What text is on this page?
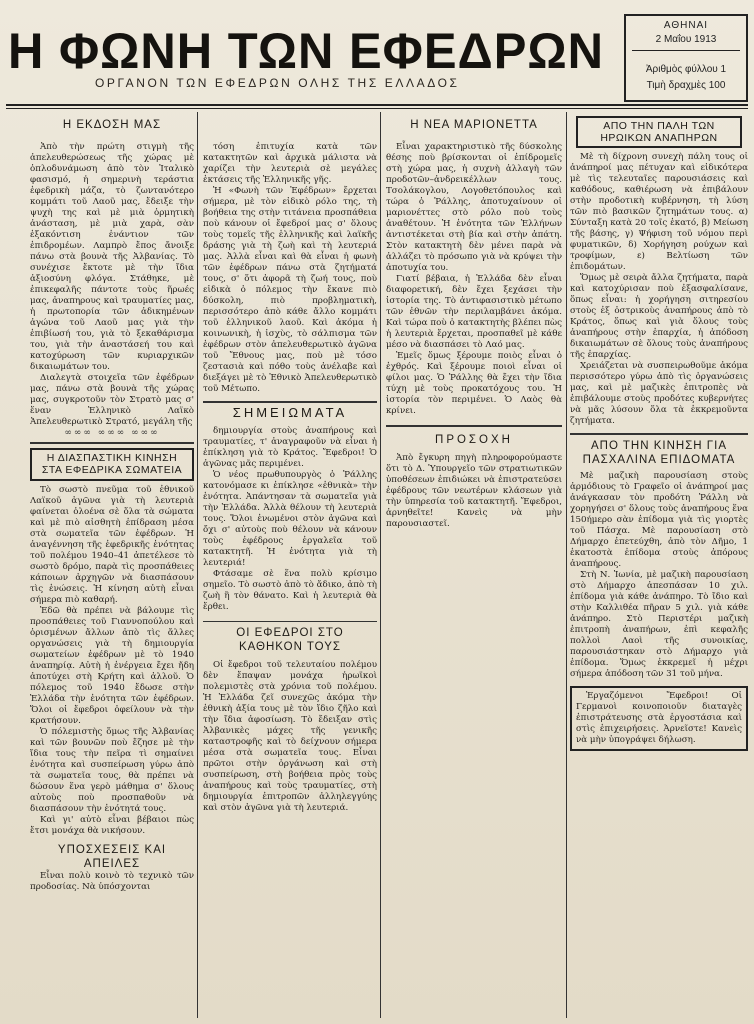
Η ΦΩΝΗ ΤΩΝ ΕΦΕΔΡΩΝ
ΟΡΓΑΝΟΝ ΤΩΝ ΕΦΕΔΡΩΝ ΟΛΗΣ ΤΗΣ ΕΛΛΑΔΟΣ
ΑΘΗΝΑΙ
2 Μαΐου 1913
Ἀριθμὸς φύλλου 1
Τιμὴ δραχμὲς 100
Η ΕΚΔΟΣΗ ΜΑΣ

Ἀπὸ τὴν πρώτη στιγμὴ τῆς ἀπελευθερώσεως τῆς χώρας μὲ ὁπλοδυνάμωση ἀπὸ τὸν Ἰταλικὸ φασισμό, ἡ σημερινὴ τεράστια ἐφεδρικὴ μάζα, τὸ ζωντανότερο κομμάτι τοῦ Λαοῦ μας, ἔδειξε τὴν ψυχὴ της καὶ μὲ μιὰ ὁρμητικὴ ἀνάσταση, μὲ μιὰ χαρὰ, σὰν ἐξακόντιση ἐνάντιον τῶν ἐπιδρομέων. Λαμπρὸ ἔπος ἄνοιξε πάνω στὰ βουνὰ τῆς Ἀλβανίας. Τὸ συνέχισε ἔκτοτε μὲ τὴν ἴδια ἀξιοσύνη φλόγα. Στάθηκε, μὲ ἐπικεφαλῆς πάντοτε τοὺς ἥρωές μας, ἀναπηρους καὶ τραυματίες μας, ἡ πρωτοπορία τῶν ἀδικημένων ἀγώνα τοῦ Λαοῦ μας γιὰ τὴν ἐπιβίωσή του, γιὰ τὸ ξεκαθάρισμα του, γιὰ τὴν ἀναστάσεή του καὶ κατοχύρωση τῶν κυριαρχικῶν δικαιωμάτων του.

Διαλεγτὰ στοιχεῖα τῶν ἐφέδρων μας, πάνω στὰ βουνὰ τῆς χώρας μας, συγκροτοῦν τὸν Στρατὸ μας σ' ἕναν Ἑλληνικὸ Λαϊκὸ Ἀπελευθερωτικὸ Στρατό, μεγάλη τῆς

∞∞∞ ∞∞∞ ∞∞∞
Η ΔΙΑΣΠΑΣΤΙΚΗ ΚΙΝΗΣΗ ΣΤΑ ΕΦΕΔΡΙΚΑ ΣΩΜΑΤΕΙΑ

Τὸ σωστὸ πνεῦμα τοῦ ἐθνικοῦ Λαϊκοῦ ἀγῶνα γιὰ τὴ λευτεριὰ φαίνεται ὁλοένα σὲ ὅλα τὰ σώματα καὶ μὲ πιὸ αἰσθητὴ ἐπίδραση μέσα στὰ σωματεῖα τῶν ἐφέδρων. Ἡ ἀναγέννηση τῆς ἐφεδρικῆς ἑνότητας τοῦ πολέμου 1940–41 ἀπετέλεσε τὸ σωστὸ δρόμο, παρὰ τὶς προσπάθειες κάποιων ἀρχηγῶν νὰ διασπάσουν τὶς ἑνώσεις. Ἡ κίνηση αὐτὴ εἶναι σήμερα πιὸ καθαρή.

Ἐδῶ θὰ πρέπει νὰ βάλουμε τὶς προσπάθειες τοῦ Γιαννοπούλου καὶ ὁρισμένων ἄλλων ἀπὸ τὶς ἄλλες οργανώσεις γιὰ τὴ δημιουργία σωματείων ἐφέδρων μὲ τὸ 1940 ἀναπηρίᾳ. Αὐτὴ ἡ ἐνέργεια ἔχει ἤδη ἀποτύχει στὴ Κρήτη καὶ ἀλλοῦ. Ὁ πόλεμος τοῦ 1940 ἔδωσε στὴν Ἑλλάδα τὴν ἑνότητα τῶν ἐφέδρων. Ὅλοι οἱ ἔφεδροι ὀφείλουν νὰ τὴν κρατήσουν.

Ὁ πόλεμιστὴς ὅμως τῆς Ἀλβανίας καὶ τῶν βουνῶν ποὺ ἔζησε μὲ τὴν ἴδια τους τὴν πεῖρα τὶ σημαίνει ἑνότητα καὶ συσπείρωση γύρω ἀπὸ τὰ σωματεῖα τους, θὰ πρέπει νὰ δώσουν ἕνα γερὸ μάθημα σ' ὅλους αὐτοὺς ποὺ προσπαθοῦν νὰ διασπάσουν τὴν ἑνότητά τους.

Καὶ γι' αὐτὸ εἶναι βέβαιοι πὼς ἔτσι μονάχα θὰ νικήσουν.

ΥΠΟΣΧΕΣΕΙΣ ΚΑΙ ΑΠΕΙΛΕΣ

Εἶναι πολὺ κοινὸ τὸ τεχνικὸ τῶν προδοσίας. Νὰ ὑπόσχονται

τόση ἐπιτυχία κατὰ τῶν κατακτητῶν καὶ ἀρχικὰ μάλιστα νὰ χαρίζει τὴν λευτεριὰ σὲ μεγάλες ἐκτάσεις τῆς Ἑλληνικῆς γῆς.

Ἡ «Φωνὴ τῶν Ἐφέδρων» ἔρχεται σήμερα, μὲ τὸν εἰδικὸ ρόλο της, τὴ βοήθεια της στὴν τιτάνεια προσπάθεια ποὺ κάνουν οἱ ἔφεδροί μας σ' ὅλους τοὺς τομεῖς τῆς ἑλληνικῆς καὶ λαϊκῆς δράσης γιὰ τὴ ζωὴ καὶ τὴ λευτεριά μας. Ἀλλὰ εἶναι καὶ θὰ εἶναι ἡ φωνὴ τῶν ἐφέδρων πάνω στὰ ζητήματά τους, σ' ὅτι ἀφορᾶ τὴ ζωή τους, ποὺ εἰδικὰ ὁ πόλεμος τὴν ἔκανε πιὸ δύσκολη, πιὸ προβληματικὴ, περισσότερο ἀπὸ κάθε ἄλλο κομμάτι τοῦ ἑλληνικοῦ λαοῦ. Καὶ ἀκόμα ἡ κοινωνικὴ, ἡ ἰσχὺς, τὸ σάλπισμα τῶν ἐφέδρων στὸν ἀπελευθερωτικὸ ἀγῶνα τοῦ Ἔθνους μας, ποὺ μὲ τόσο ζεστασιὰ καὶ πόθο τοὺς ἀνέλαβε καὶ διεξάγει μὲ τὸ Ἐθνικὸ Ἀπελευθερωτικὸ τοῦ Μέτωπο.

ΣΗΜΕΙΩΜΑΤΑ

δημιουργία στοὺς ἀναπήρους καὶ τραυματίες, τ' ἀναγραφοῦν νὰ εἶναι ἡ ἐπίκληση γιὰ τὸ Κράτος. Ἔφεδροι! Ὁ ἀγῶνας μᾶς περιμένει.

Ὁ νέος πρωθυπουργὸς ὁ Ῥάλλης κατονόμασε κι ἐπίκλησε «ἐθνικὰ» τὴν ἑνότητα. Ἀπάντησαν τὰ σωματεῖα γιὰ τὴν Ἑλλάδα. Ἀλλὰ θέλουν τὴ λευτεριὰ τους. Ὅλοι ἑνωμένοι στὸν ἀγῶνα καὶ ὄχι σ' αὐτοὺς ποὺ θέλουν νὰ κάνουν τοὺς ἐφέδρους ἐργαλεῖα τοῦ κατακτητῆ. Ἡ ἑνότητα γιὰ τὴ λευτεριά!

Φτάσαμε σὲ ἕνα πολὺ κρίσιμο σημεῖο. Τὸ σωστὸ ἀπὸ τὸ ἄδικο, ἀπὸ τὴ ζωὴ ἢ τὸν θάνατο. Καὶ ἡ λευτεριὰ θὰ ἔρθει.

ΟΙ ΕΦΕΔΡΟΙ ΣΤΟ ΚΑΘΗΚΟΝ ΤΟΥΣ

Οἱ ἔφεδροι τοῦ τελευταίου πολέμου δὲν ἔπαψαν μονάχα ἡρωϊκοὶ πολεμιστὲς στὰ χρόνια τοῦ πολέμου. Ἡ Ἑλλάδα ζεῖ συνεχῶς ἀκόμα τὴν ἐθνικὴ ἀξία τους μὲ τὸν ἴδιο ζῆλο καὶ τὴν ἴδια ἀφοσίωση. Τὸ ἔδειξαν στὶς Ἀλβανικὲς μάχες τῆς γενικῆς καταστροφῆς καὶ τὸ δείχνουν σήμερα μέσα στὰ σωματεῖα τους. Εἶναι πρῶτοι στὴν ὀργάνωση καὶ στὴ συσπείρωση, στὴ βοήθεια πρὸς τοὺς ἀναπήρους καὶ τοὺς τραυματίες, στὴ δημιουργία ἐπιτροπῶν ἀλληλεγγύης καὶ στὸν ἀγῶνα γιὰ τὴ λευτεριά.

Η ΝΕΑ ΜΑΡΙΟΝΕΤΤΑ

Εἶναι χαρακτηριστικὸ τῆς δύσκολης θέσης ποὺ βρίσκονται οἱ ἐπίδρομεῖς στὴ χώρα μας, ἡ συχνὴ ἀλλαγὴ τῶν προδοτῶν–ἀνδρεικέλλων τους. Τσολάκογλου, Λογοθετόπουλος καὶ τώρα ὁ Ῥάλλης, ἀποτυχαίνουν οἱ μαριονέττες στὸ ρόλο ποὺ τοὺς ἀναθέτουν. Ἡ ἑνότητα τῶν Ἑλλήνων ἀντιστέκεται στὴ βία καὶ στὴν ἀπάτη. Στὸν κατακτητὴ δὲν μένει παρὰ νὰ ἀλλάζει τὸ πρόσωπο γιὰ νὰ κρύψει τὴν ἀποτυχία του.

Γιατί βέβαια, ἡ Ἑλλάδα δὲν εἶναι διαφορετική, δὲν ἔχει ξεχάσει τὴν ἱστορία της. Τὸ ἀντιφασιστικὸ μέτωπο τῶν ἐθνῶν τὴν περιλαμβάνει ἀκόμα. Καὶ τώρα ποὺ ὁ κατακτητὴς βλέπει πὼς ἡ λευτεριὰ ἔρχεται, προσπαθεῖ μὲ κάθε μέσο νὰ διασπάσει τὸ Λαό μας.

Ἐμεῖς ὅμως ξέρουμε ποιὸς εἶναι ὁ ἐχθρός. Καὶ ξέρουμε ποιοὶ εἶναι οἱ φίλοι μας. Ὁ Ῥάλλης θὰ ἔχει τὴν ἴδια τύχη μὲ τοὺς προκατόχους του. Ἡ ἱστορία τὸν περιμένει. Ὁ Λαὸς θὰ κρίνει.

ΠΡΟΣΟΧΗ

Ἀπὸ ἔγκυρη πηγὴ πληροφορούμαστε ὅτι τὸ Δ. Ὑπουργεῖο τῶν στρατιωτικῶν ὑποθέσεων ἐπιδιώκει νὰ ἐπιστρατεύσει ἐφέδρους τῶν νεωτέρων κλάσεων γιὰ τὴν ὑπηρεσία τοῦ κατακτητῆ. Ἔφεδροι, ἀρνηθεῖτε! Κανεὶς νὰ μὴν παρουσιαστεῖ.

ΑΠΟ ΤΗΝ ΠΑΛΗ ΤΩΝ ΗΡΩΙΚΩΝ ΑΝΑΠΗΡΩΝ

Μὲ τὴ δίχρονη συνεχὴ πάλη τους οἱ ἀνάπηροί μας πέτυχαν καὶ εἰδικότερα μὲ τὶς τελευταῖες παρουσιάσεις καὶ καθόδους, καθιέρωση νὰ ἐπιβάλουν στὴν προδοτικὴ κυβέρνηση, τὴ λύση τῶν πιὸ βασικῶν ζητημάτων τους. α) Σύνταξη κατὰ 20 τοῖς ἑκατό, β) Μείωση τῆς βάσης, γ) Ψήφιση τοῦ νόμου περὶ φυματικῶν, δ) Χορήγηση ρούχων καὶ τροφίμων, ε) Βελτίωση τῶν ἐπιδομάτων.

Ὅμως μὲ σειρὰ ἄλλα ζητήματα, παρὰ καὶ κατοχύρισαν ποὺ ἐξασφαλίσανε, ὅπως εἶναι: ἡ χορήγηση σιτηρεσίου στοὺς ἐξ ὀστρικοὺς ἀναπήρους ἀπὸ τὸ Κράτος, ὅπως καὶ γιὰ ὅλους τοὺς ἀναπήρους στὴν ἐπαρχία, ἡ ἀπόδοση δικαιωμάτων σὲ ὅλους τοὺς ἀναπήρους τῆς ἐπαρχίας.

Χρειάζεται νὰ συσπειρωθοῦμε ἀκόμα περισσότερο γύρω ἀπὸ τὶς ὀργανώσεις μας, καὶ μὲ μαζικὲς ἐπιτροπὲς νὰ ἐπιβάλουμε στοὺς προδότες κυβερνήτες νὰ μᾶς λύσουν ὅλα τὰ ἐκκρεμοῦντα ζητήματα.

ΑΠΟ ΤΗΝ ΚΙΝΗΣΗ ΓΙΑ ΠΑΣΧΑΛΙΝΑ ΕΠΙΔΟΜΑΤΑ

Μὲ μαζικὴ παρουσίαση στοὺς ἀρμόδιους τὸ Γραφεῖο οἱ ἀνάπηροί μας ἀνάγκασαν τὸν προδότη Ῥάλλη νὰ χορηγήσει σ' ὅλους τοὺς ἀναπήρους ἕνα 150ήμερο σὰν ἐπίδομα γιὰ τὶς γιορτὲς τοῦ Πάσχα. Μὲ παρουσίαση στὸ Δήμαρχο ἐπετεύχθη, ἀπὸ τὸν Δῆμο, 1 ἐκατοστὰ ἐπίδομα στοὺς ἀπόρους ἀναπήρους.

Στὴ Ν. Ἰωνία, μὲ μαζικὴ παρουσίαση στὸ Δήμαρχο ἀπεσπάσαν 10 χιλ. ἐπίδομα γιὰ κάθε ἀνάπηρο. Τὸ ἴδιο καὶ στὴν Καλλιθέα πῆραν 5 χιλ. γιὰ κάθε ἀνάπηρο. Στὸ Περιστέρι μαζικὴ ἐπιτροπὴ ἀναπήρων, ἐπὶ κεφαλῆς πολλοὶ Λαοὶ τῆς συνοικίας, παρουσιάστηκαν στὸ Δήμαρχο γιὰ ἐπίδομα. Ὅμως ἐκκρεμεῖ ἡ μέχρι σήμερα ἀπόδοση τῶν 31 τοῦ μήνα.

Ἐργαζόμενοι Ἔφεδροι! Οἱ Γερμανοὶ κοινοποιοῦν διαταγὲς ἐπιστράτευσης στὰ ἐργοστάσια καὶ στὶς ἐπιχειρήσεις. Ἀρνεῖστε! Κανεὶς νὰ μὴν ὑπογράψει δήλωση.
